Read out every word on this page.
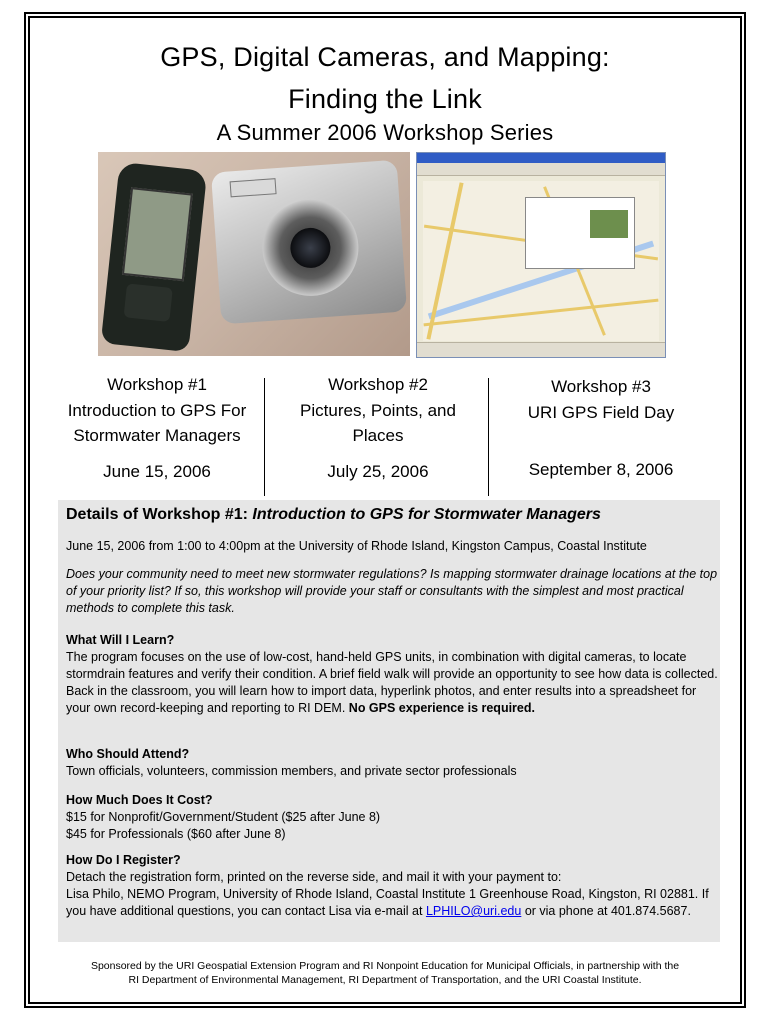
GPS, Digital Cameras, and Mapping:
Finding the Link
A Summer 2006 Workshop Series
Workshop #1
Introduction to GPS For
Stormwater Managers
Workshop #2
Pictures, Points, and
Places
Workshop #3
URI GPS Field Day
June 15, 2006	July 25, 2006	September 8, 2006
Details of Workshop #1: Introduction to GPS for Stormwater Managers
June 15, 2006 from 1:00 to 4:00pm at the University of Rhode Island, Kingston Campus, Coastal Institute
Does your community need to meet new stormwater regulations? Is mapping stormwater drainage locations at the top of your priority list? If so, this workshop will provide your staff or consultants with the simplest and most practical methods to complete this task.
What Will I Learn?
The program focuses on the use of low-cost, hand-held GPS units, in combination with digital cameras, to locate stormdrain features and verify their condition. A brief field walk will provide an opportunity to see how data is collected. Back in the classroom, you will learn how to import data, hyperlink photos, and enter results into a spreadsheet for your own record-keeping and reporting to RI DEM. No GPS experience is required.
Who Should Attend?
Town officials, volunteers, commission members, and private sector professionals
How Much Does It Cost?
$15 for Nonprofit/Government/Student ($25 after June 8)
$45 for Professionals ($60 after June 8)
How Do I Register?
Detach the registration form, printed on the reverse side, and mail it with your payment to:
Lisa Philo, NEMO Program, University of Rhode Island, Coastal Institute 1 Greenhouse Road, Kingston, RI 02881. If you have additional questions, you can contact Lisa via e-mail at LPHILO@uri.edu or via phone at 401.874.5687.
Sponsored by the URI Geospatial Extension Program and RI Nonpoint Education for Municipal Officials, in partnership with the
RI Department of Environmental Management, RI Department of Transportation, and the URI Coastal Institute.
